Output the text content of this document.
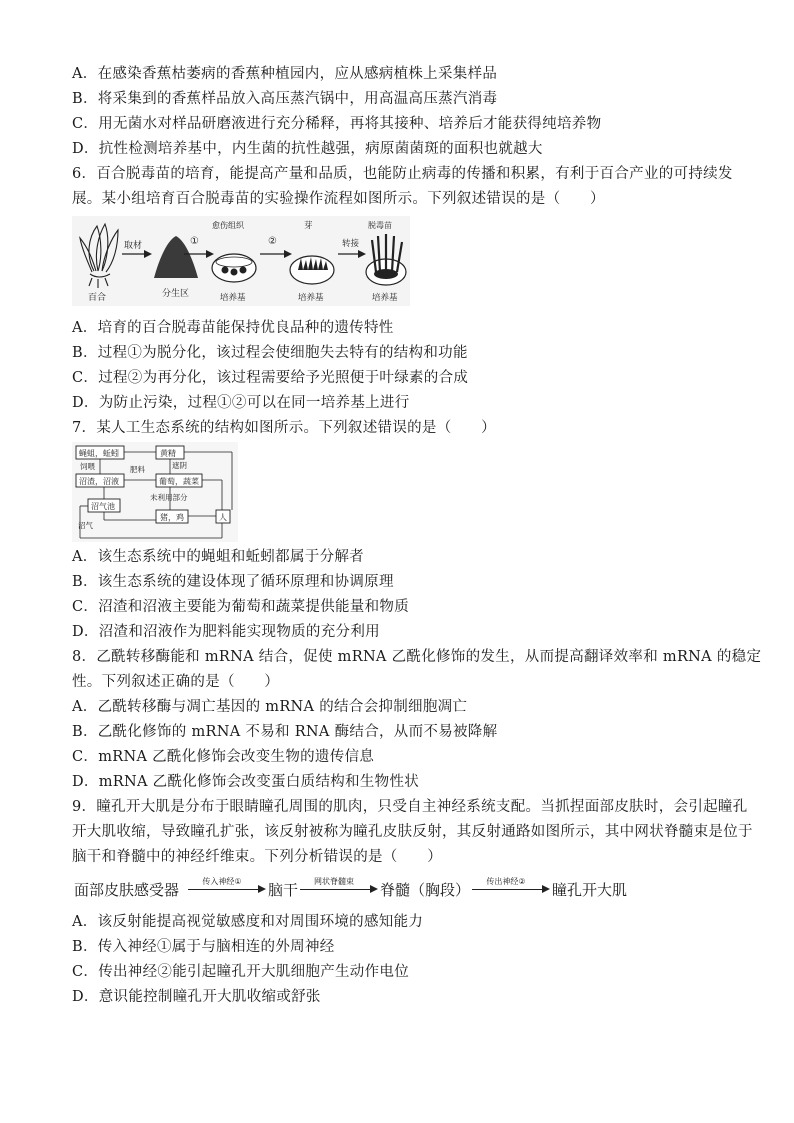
A．在感染香蕉枯萎病的香蕉种植园内，应从感病植株上采集样品
B．将采集到的香蕉样品放入高压蒸汽锅中，用高温高压蒸汽消毒
C．用无菌水对样品研磨液进行充分稀释，再将其接种、培养后才能获得纯培养物
D．抗性检测培养基中，内生菌的抗性越强，病原菌菌斑的面积也就越大
6．百合脱毒苗的培育，能提高产量和品质，也能防止病毒的传播和积累，有利于百合产业的可持续发
展。某小组培育百合脱毒苗的实验操作流程如图所示。下列叙述错误的是（　　）
百合
取材
分生区
①
愈伤组织
培养基
②
芽
培养基
转接
脱毒苗
培养基
A．培育的百合脱毒苗能保持优良品种的遗传特性
B．过程①为脱分化，该过程会使细胞失去特有的结构和功能
C．过程②为再分化，该过程需要给予光照便于叶绿素的合成
D．为防止污染，过程①②可以在同一培养基上进行
7．某人工生态系统的结构如图所示。下列叙述错误的是（　　）
蝇蛆，蚯蚓
沼渣，沼液
沼气池
黄精
葡萄，蔬菜
猪，鸡	人
饲喂	肥料	遮阴
未利用部分
沼气
A．该生态系统中的蝇蛆和蚯蚓都属于分解者
B．该生态系统的建设体现了循环原理和协调原理
C．沼渣和沼液主要能为葡萄和蔬菜提供能量和物质
D．沼渣和沼液作为肥料能实现物质的充分利用
8．乙酰转移酶能和 mRNA 结合，促使 mRNA 乙酰化修饰的发生，从而提高翻译效率和 mRNA 的稳定
性。下列叙述正确的是（　　）
A．乙酰转移酶与凋亡基因的 mRNA 的结合会抑制细胞凋亡
B．乙酰化修饰的 mRNA 不易和 RNA 酶结合，从而不易被降解
C．mRNA 乙酰化修饰会改变生物的遗传信息
D．mRNA 乙酰化修饰会改变蛋白质结构和生物性状
9．瞳孔开大肌是分布于眼睛瞳孔周围的肌肉，只受自主神经系统支配。当抓捏面部皮肤时，会引起瞳孔
开大肌收缩，导致瞳孔扩张，该反射被称为瞳孔皮肤反射，其反射通路如图所示，其中网状脊髓束是位于
脑干和脊髓中的神经纤维束。下列分析错误的是（　　）
面部皮肤感受器	传入神经①	脑干	网状脊髓束	脊髓（胸段）	传出神经②	瞳孔开大肌
A．该反射能提高视觉敏感度和对周围环境的感知能力
B．传入神经①属于与脑相连的外周神经
C．传出神经②能引起瞳孔开大肌细胞产生动作电位
D．意识能控制瞳孔开大肌收缩或舒张
